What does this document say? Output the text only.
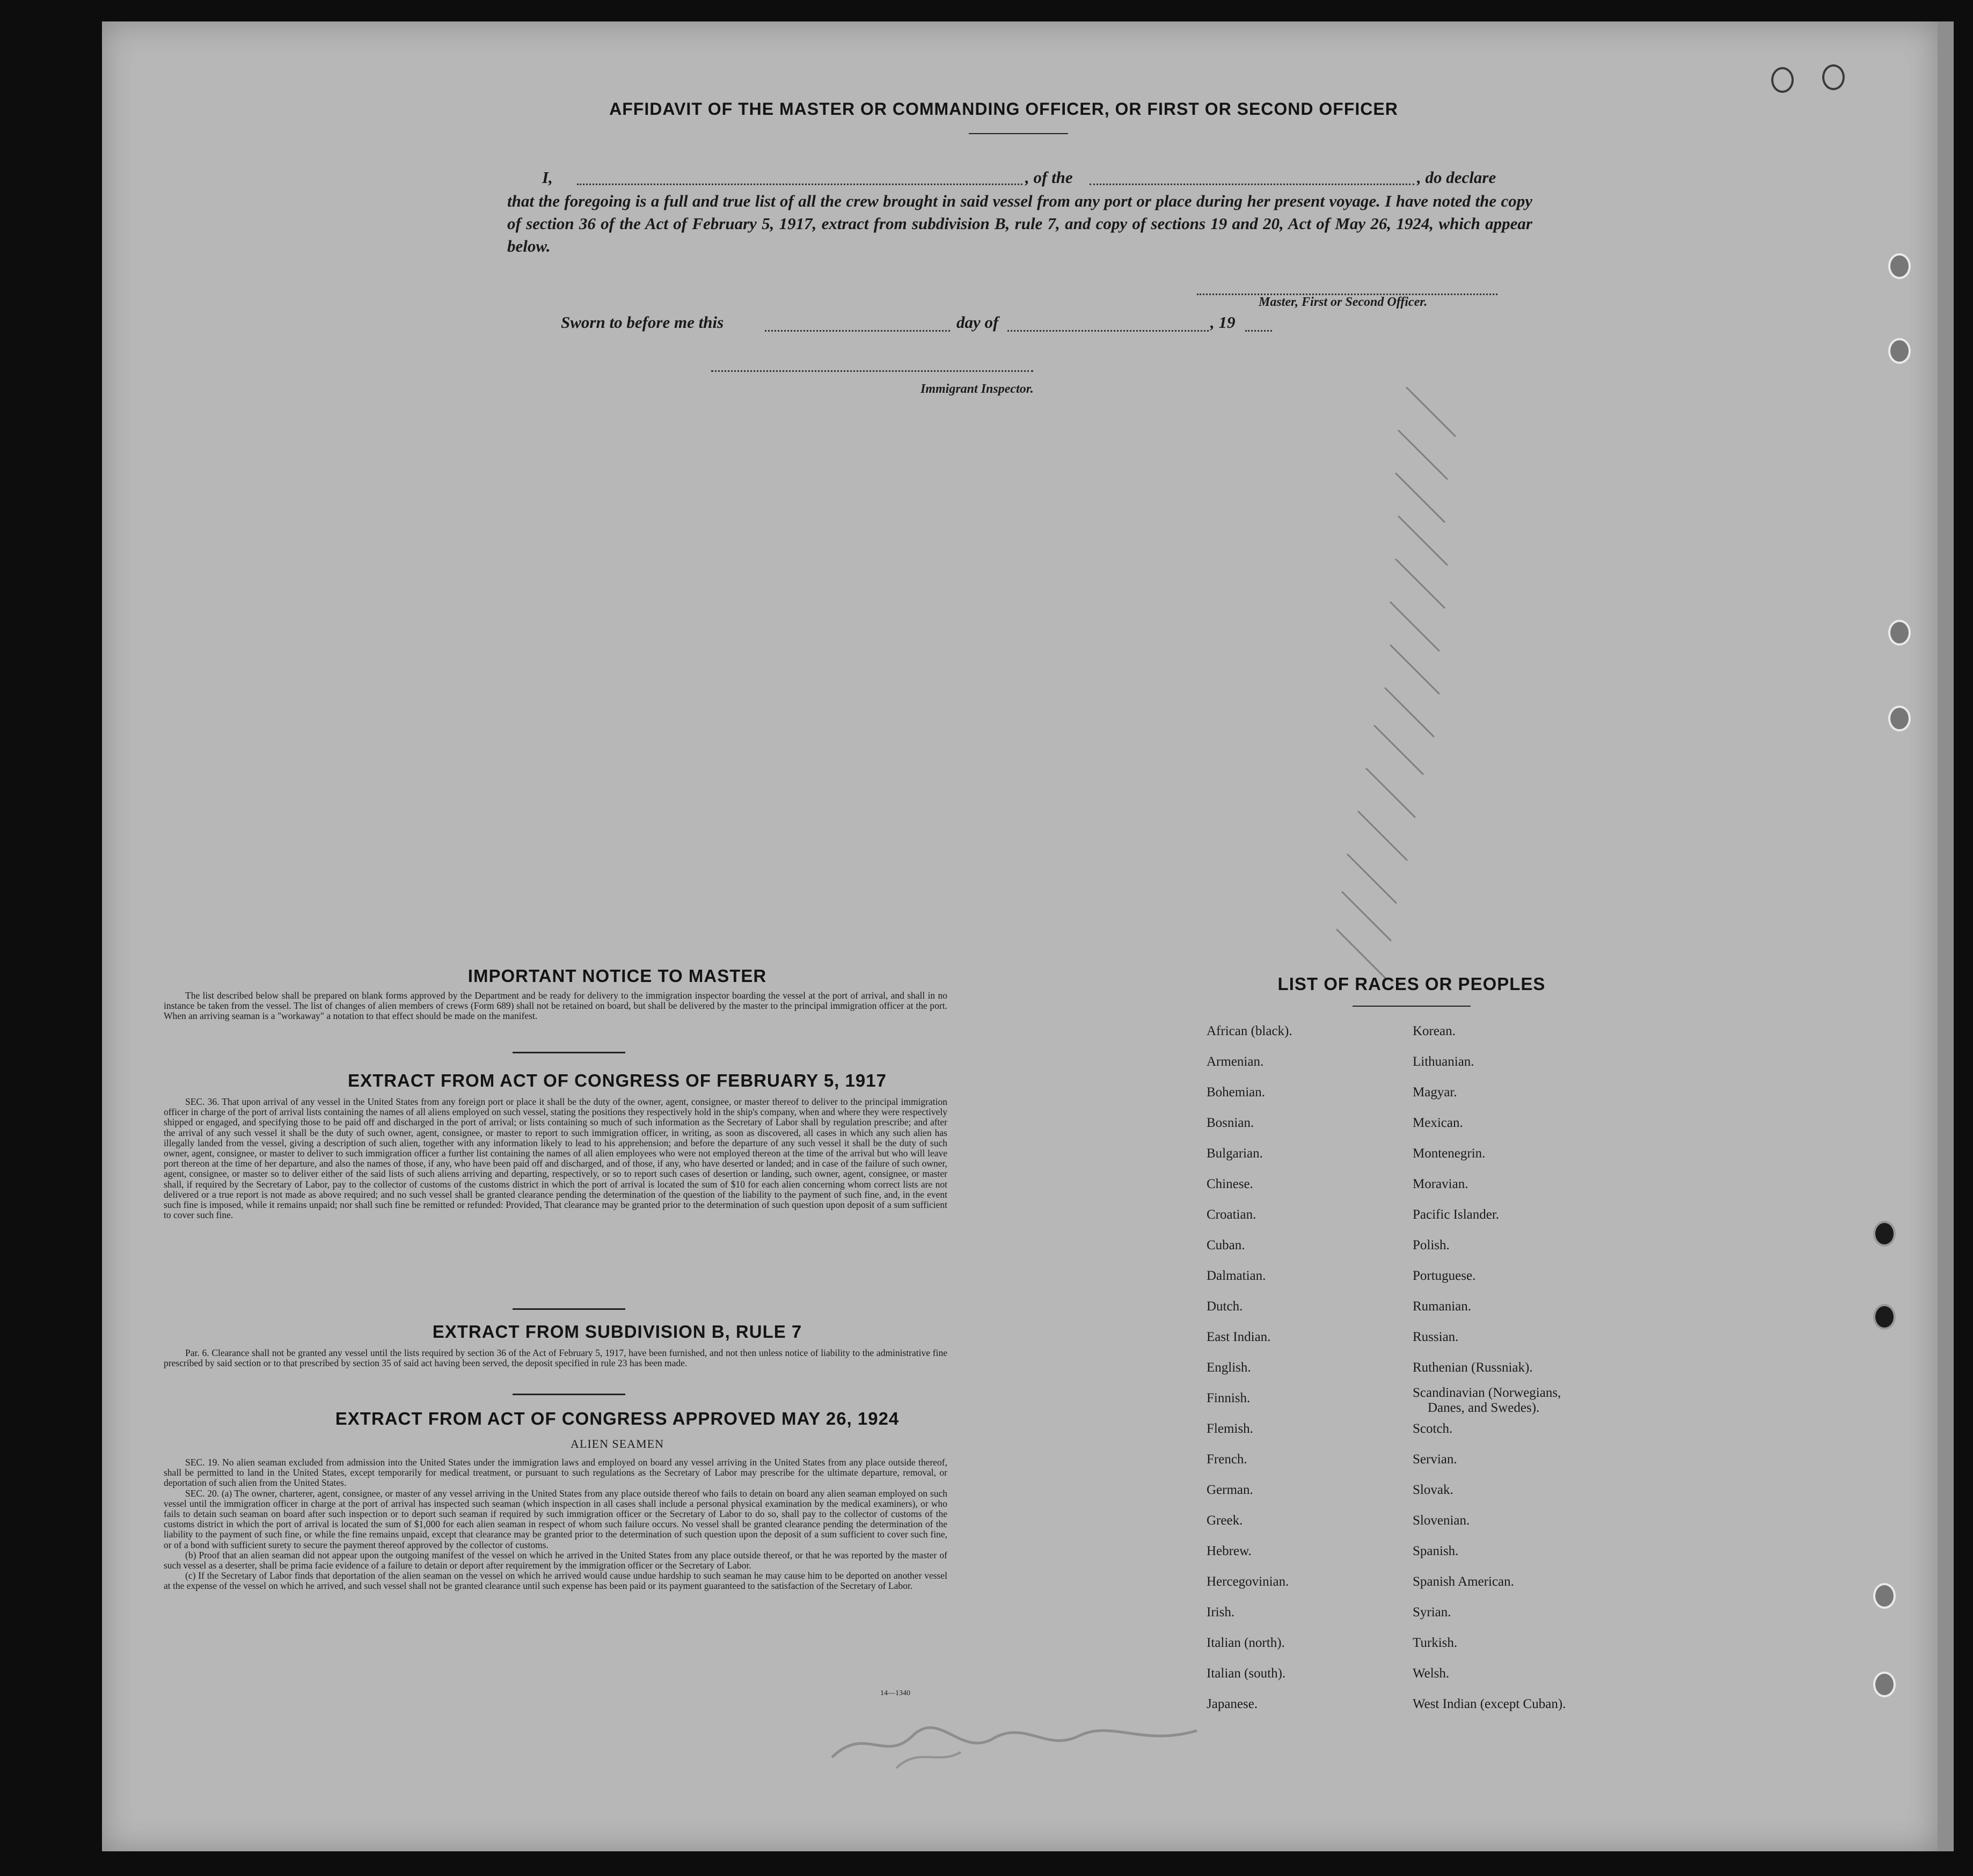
AFFIDAVIT OF THE MASTER OR COMMANDING OFFICER, OR FIRST OR SECOND OFFICER
I,	, of the	, do declare
that the foregoing is a full and true list of all the crew brought in said vessel from any port or place during her present voyage. I have noted the copy of section 36 of the Act of February 5, 1917, extract from subdivision B, rule 7, and copy of sections 19 and 20, Act of May 26, 1924, which appear below.
Master, First or Second Officer.
Sworn to before me this	day of	, 19
Immigrant Inspector.
IMPORTANT NOTICE TO MASTER

The list described below shall be prepared on blank forms approved by the Department and be ready for delivery to the immigration inspector boarding the vessel at the port of arrival, and shall in no instance be taken from the vessel. The list of changes of alien members of crews (Form 689) shall not be retained on board, but shall be delivered by the master to the principal immigration officer at the port. When an arriving seaman is a "workaway" a notation to that effect should be made on the manifest.

EXTRACT FROM ACT OF CONGRESS OF FEBRUARY 5, 1917

SEC. 36. That upon arrival of any vessel in the United States from any foreign port or place it shall be the duty of the owner, agent, consignee, or master thereof to deliver to the principal immigration officer in charge of the port of arrival lists containing the names of all aliens employed on such vessel, stating the positions they respectively hold in the ship's company, when and where they were respectively shipped or engaged, and specifying those to be paid off and discharged in the port of arrival; or lists containing so much of such information as the Secretary of Labor shall by regulation prescribe; and after the arrival of any such vessel it shall be the duty of such owner, agent, consignee, or master to report to such immigration officer, in writing, as soon as discovered, all cases in which any such alien has illegally landed from the vessel, giving a description of such alien, together with any information likely to lead to his apprehension; and before the departure of any such vessel it shall be the duty of such owner, agent, consignee, or master to deliver to such immigration officer a further list containing the names of all alien employees who were not employed thereon at the time of the arrival but who will leave port thereon at the time of her departure, and also the names of those, if any, who have been paid off and discharged, and of those, if any, who have deserted or landed; and in case of the failure of such owner, agent, consignee, or master so to deliver either of the said lists of such aliens arriving and departing, respectively, or so to report such cases of desertion or landing, such owner, agent, consignee, or master shall, if required by the Secretary of Labor, pay to the collector of customs of the customs district in which the port of arrival is located the sum of $10 for each alien concerning whom correct lists are not delivered or a true report is not made as above required; and no such vessel shall be granted clearance pending the determination of the question of the liability to the payment of such fine, and, in the event such fine is imposed, while it remains unpaid; nor shall such fine be remitted or refunded: Provided, That clearance may be granted prior to the determination of such question upon deposit of a sum sufficient to cover such fine.

EXTRACT FROM SUBDIVISION B, RULE 7

Par. 6. Clearance shall not be granted any vessel until the lists required by section 36 of the Act of February 5, 1917, have been furnished, and not then unless notice of liability to the administrative fine prescribed by said section or to that prescribed by section 35 of said act having been served, the deposit specified in rule 23 has been made.

EXTRACT FROM ACT OF CONGRESS APPROVED MAY 26, 1924
ALIEN SEAMEN

SEC. 19. No alien seaman excluded from admission into the United States under the immigration laws and employed on board any vessel arriving in the United States from any place outside thereof, shall be permitted to land in the United States, except temporarily for medical treatment, or pursuant to such regulations as the Secretary of Labor may prescribe for the ultimate departure, removal, or deportation of such alien from the United States.

SEC. 20. (a) The owner, charterer, agent, consignee, or master of any vessel arriving in the United States from any place outside thereof who fails to detain on board any alien seaman employed on such vessel until the immigration officer in charge at the port of arrival has inspected such seaman (which inspection in all cases shall include a personal physical examination by the medical examiners), or who fails to detain such seaman on board after such inspection or to deport such seaman if required by such immigration officer or the Secretary of Labor to do so, shall pay to the collector of customs of the customs district in which the port of arrival is located the sum of $1,000 for each alien seaman in respect of whom such failure occurs. No vessel shall be granted clearance pending the determination of the liability to the payment of such fine, or while the fine remains unpaid, except that clearance may be granted prior to the determination of such question upon the deposit of a sum sufficient to cover such fine, or of a bond with sufficient surety to secure the payment thereof approved by the collector of customs.

(b) Proof that an alien seaman did not appear upon the outgoing manifest of the vessel on which he arrived in the United States from any place outside thereof, or that he was reported by the master of such vessel as a deserter, shall be prima facie evidence of a failure to detain or deport after requirement by the immigration officer or the Secretary of Labor.

(c) If the Secretary of Labor finds that deportation of the alien seaman on the vessel on which he arrived would cause undue hardship to such seaman he may cause him to be deported on another vessel at the expense of the vessel on which he arrived, and such vessel shall not be granted clearance until such expense has been paid or its payment guaranteed to the satisfaction of the Secretary of Labor.

14—1340
LIST OF RACES OR PEOPLES
African (black).
Armenian.
Bohemian.
Bosnian.
Bulgarian.
Chinese.
Croatian.
Cuban.
Dalmatian.
Dutch.
East Indian.
English.
Finnish.
Flemish.
French.
German.
Greek.
Hebrew.
Hercegovinian.
Irish.
Italian (north).
Italian (south).
Japanese.
Korean.
Lithuanian.
Magyar.
Mexican.
Montenegrin.
Moravian.
Pacific Islander.
Polish.
Portuguese.
Rumanian.
Russian.
Ruthenian (Russniak).
Scandinavian (Norwegians,
Danes, and Swedes).
Scotch.
Servian.
Slovak.
Slovenian.
Spanish.
Spanish American.
Syrian.
Turkish.
Welsh.
West Indian (except Cuban).
